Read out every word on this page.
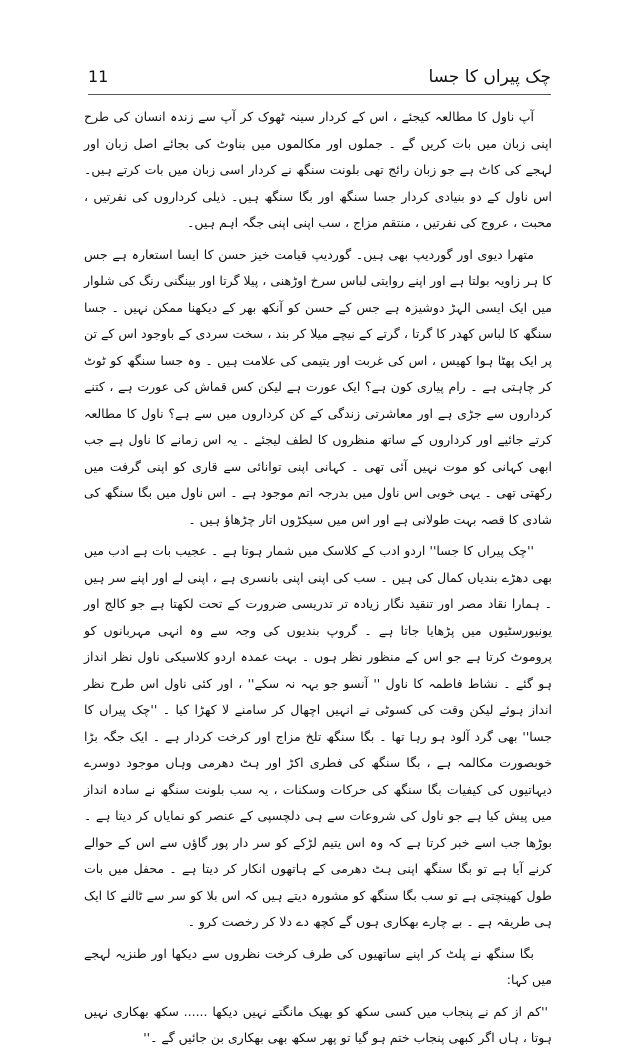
11	چک پیراں کا جسا

آپ ناول کا مطالعہ کیجئے ، اس کے کردار سینہ ٹھوک کر آپ سے زندہ انسان کی طرح اپنی زبان میں بات کریں گے ۔ جملوں اور مکالموں میں بناوٹ کی بجائے اصل زبان اور لہجے کی کاٹ ہے جو زبان رائج تھی بلونت سنگھ نے کردار اسی زبان میں بات کرتے ہیں۔ اس ناول کے دو بنیادی کردار جسا سنگھ اور بگا سنگھ ہیں۔ ذیلی کرداروں کی نفرتیں ، محبت ، عروج کی نفرتیں ، منتقم مزاج ، سب اپنی اپنی جگہ اہم ہیں۔

متھرا دیوی اور گوردیپ بھی ہیں۔ گوردیپ قیامت خیز حسن کا ایسا استعارہ ہے جس کا ہر زاویہ بولتا ہے اور اپنے روایتی لباس سرخ اوڑھنی ، پیلا گرتا اور بینگنی رنگ کی شلوار میں ایک ایسی الہڑ دوشیزہ ہے جس کے حسن کو آنکھ بھر کے دیکھنا ممکن نہیں ۔ جسا سنگھ کا لباس کھدر کا گرتا ، گرتے کے نیچے میلا کر بند ، سخت سردی کے باوجود اس کے تن پر ایک پھٹا ہوا کھیس ، اس کی غربت اور یتیمی کی علامت ہیں ۔ وہ جسا سنگھ کو ٹوٹ کر چاہتی ہے ۔ رام پیاری کون ہے؟ ایک عورت ہے لیکن کس قماش کی عورت ہے ، کتنے کرداروں سے جڑی ہے اور معاشرتی زندگی کے کن کرداروں میں سے ہے؟ ناول کا مطالعہ کرتے جائیے اور کرداروں کے ساتھ منظروں کا لطف لیجئے ۔ یہ اس زمانے کا ناول ہے جب ابھی کہانی کو موت نہیں آئی تھی ۔ کہانی اپنی توانائی سے قاری کو اپنی گرفت میں رکھتی تھی ۔ یہی خوبی اس ناول میں بدرجہ اتم موجود ہے ۔ اس ناول میں بگا سنگھ کی شادی کا قصہ بہت طولانی ہے اور اس میں سیکڑوں اتار چڑھاؤ ہیں ۔

''چک پیراں کا جسا'' اردو ادب کے کلاسک میں شمار ہوتا ہے ۔ عجیب بات ہے ادب میں بھی دھڑے بندیاں کمال کی ہیں ۔ سب کی اپنی اپنی بانسری ہے ، اپنی لے اور اپنے سر ہیں ۔ ہمارا نقاد مصر اور تنقید نگار زیادہ تر تدریسی ضرورت کے تحت لکھتا ہے جو کالج اور یونیورسٹیوں میں پڑھایا جاتا ہے ۔ گروپ بندیوں کی وجہ سے وہ انہی مہربانوں کو پروموٹ کرتا ہے جو اس کے منظور نظر ہوں ۔ بہت عمدہ اردو کلاسیکی ناول نظر انداز ہو گئے ۔ نشاط فاطمہ کا ناول '' آنسو جو بہہ نہ سکے'' ، اور کئی ناول اس طرح نظر انداز ہوئے لیکن وقت کی کسوٹی نے انہیں اچھال کر سامنے لا کھڑا کیا ۔ ''چک پیراں کا جسا'' بھی گرد آلود ہو رہا تھا ۔ بگا سنگھ تلخ مزاج اور کرخت کردار ہے ۔ ایک جگہ بڑا خوبصورت مکالمہ ہے ، بگا سنگھ کی فطری اکڑ اور ہٹ دھرمی وہاں موجود دوسرے دیہاتیوں کی کیفیات بگا سنگھ کی حرکات وسکنات ، یہ سب بلونت سنگھ نے سادہ انداز میں پیش کیا ہے جو ناول کی شروعات سے ہی دلچسپی کے عنصر کو نمایاں کر دیتا ہے ۔ بوڑھا جب اسے خبر کرتا ہے کہ وہ اس یتیم لڑکے کو سر دار پور گاؤں سے اس کے حوالے کرنے آیا ہے تو بگا سنگھ اپنی ہٹ دھرمی کے ہاتھوں انکار کر دیتا ہے ۔ محفل میں بات طول کھینچتی ہے تو سب بگا سنگھ کو مشورہ دیتے ہیں کہ اس بلا کو سر سے ٹالنے کا ایک ہی طریقہ ہے ۔ بے چارے بھکاری ہوں گے کچھ دے دلا کر رخصت کرو ۔

بگا سنگھ نے پلٹ کر اپنے ساتھیوں کی طرف کرخت نظروں سے دیکھا اور طنزیہ لہجے میں کہا:

''کم از کم نے پنجاب میں کسی سکھ کو بھیک مانگتے نہیں دیکھا ...... سکھ بھکاری نہیں ہوتا ، ہاں اگر کبھی پنجاب ختم ہو گیا تو پھر سکھ بھی بھکاری بن جائیں گے ۔''
